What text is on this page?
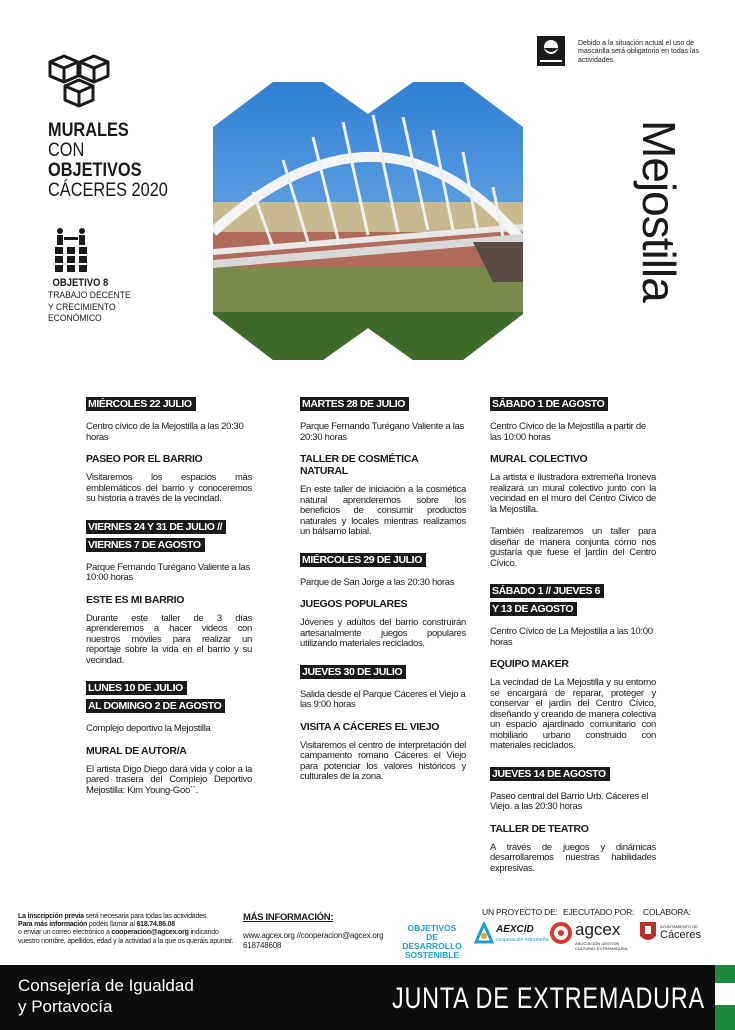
MURALES
CON
OBJETIVOS
CÁCERES 2020
OBJETIVO 8
TRABAJO DECENTE Y CRECIMIENTO ECONÓMICO
Debido a la situación actual el uso de mascarilla será obligatorio en todas las actividades.
Mejostilla
MIÉRCOLES 22 JULIO
Centro cívico de la Mejostilla a las 20:30 horas
PASEO POR EL BARRIO
Visitaremos los espacios más emblemáticos del barrio y conoceremos su historia a través de la vecindad.
VIERNES 24 Y 31 DE JULIO //
VIERNES 7 DE AGOSTO
Parque Fernando Turégano Valiente a las 10:00 horas
ESTE ES MI BARRIO
Durante este taller de 3 días aprenderemos a hacer videos con nuestros móviles para realizar un reportaje sobre la vida en el barrio y su vecindad.
LUNES 10 DE JULIO
AL DOMINGO 2 DE AGOSTO
Complejo deportivo la Mejostilla
MURAL DE AUTOR/A
El artista Digo Diego dará vida y color a la pared trasera del Complejo Deportivo Mejostilla: Kim Young-Goo´´.
MARTES 28 DE JULIO
Parque Fernando Turégano Valiente a las 20:30 horas
TALLER DE COSMÉTICA NATURAL
En este taller de iniciación a la cosmética natural aprenderemos sobre los beneficios de consumir productos naturales y locales mientras realizamos un bálsamo labial.
MIÉRCOLES 29 DE JULIO
Parque de San Jorge a las 20:30 horas
JUEGOS POPULARES
Jóvenes y adultos del barrio construirán artesanalmente juegos populares utilizando materiales reciclados.
JUEVES 30 DE JULIO
Salida desde el Parque Cáceres el Viejo a las 9:00 horas
VISITA A CÁCERES EL VIEJO
Visitaremos el centro de interpretación del campamento romano Cáceres el Viejo para potenciar los valores históricos y culturales de la zona.
SÁBADO 1 DE AGOSTO
Centro Cívico de la Mejostilla a partir de las 10:00 horas
MURAL COLECTIVO
La artista e ilustradora extremeña Ironeva realizará un mural colectivo junto con la vecindad en el muro del Centro Cívico de la Mejostilla.
También realizaremos un taller para diseñar de manera conjunta cómo nos gustaría que fuese el jardín del Centro Cívico.
SÁBADO 1 // JUEVES 6
Y 13 DE AGOSTO
Centro Cívico de La Mejostilla a las 10:00 horas
EQUIPO MAKER
La vecindad de La Mejostilla y su entorno se encargará de reparar, proteger y conservar el jardín del Centro Cívico, diseñando y creando de manera colectiva un espacio ajardinado comunitario con mobiliario urbano construido con materiales reciclados.
JUEVES 14 DE AGOSTO
Paseo central del Barrio Urb. Cáceres el Viejo. a las 20:30 horas
TALLER DE TEATRO
A través de juegos y dinámicas desarrollaremos nuestras habilidades expresivas.
La inscripción previa será necesaria para todas las actividades.
Para más información podéis llamar al 618.74.86.08
o enviar un correo electrónico a cooperacion@agcex.org indicando vuestro nombre, apellidos, edad y la actividad a la que os queráis apuntar.
MÁS INFORMACIÓN:
www.agcex.org //cooperacion@agcex.org
618748608
OBJETIVOS
DE DESARROLLO
SOSTENIBLE
UN PROYECTO DE: EJECUTADO POR: COLABORA:
AEXCID
cooperación extremeña
agcex
ASOCIACIÓN GESTIÓN CULTURAL EXTREMADURA
AYUNTAMIENTO DE
Cáceres
Consejería de Igualdad y Portavocía	JUNTA DE EXTREMADURA
